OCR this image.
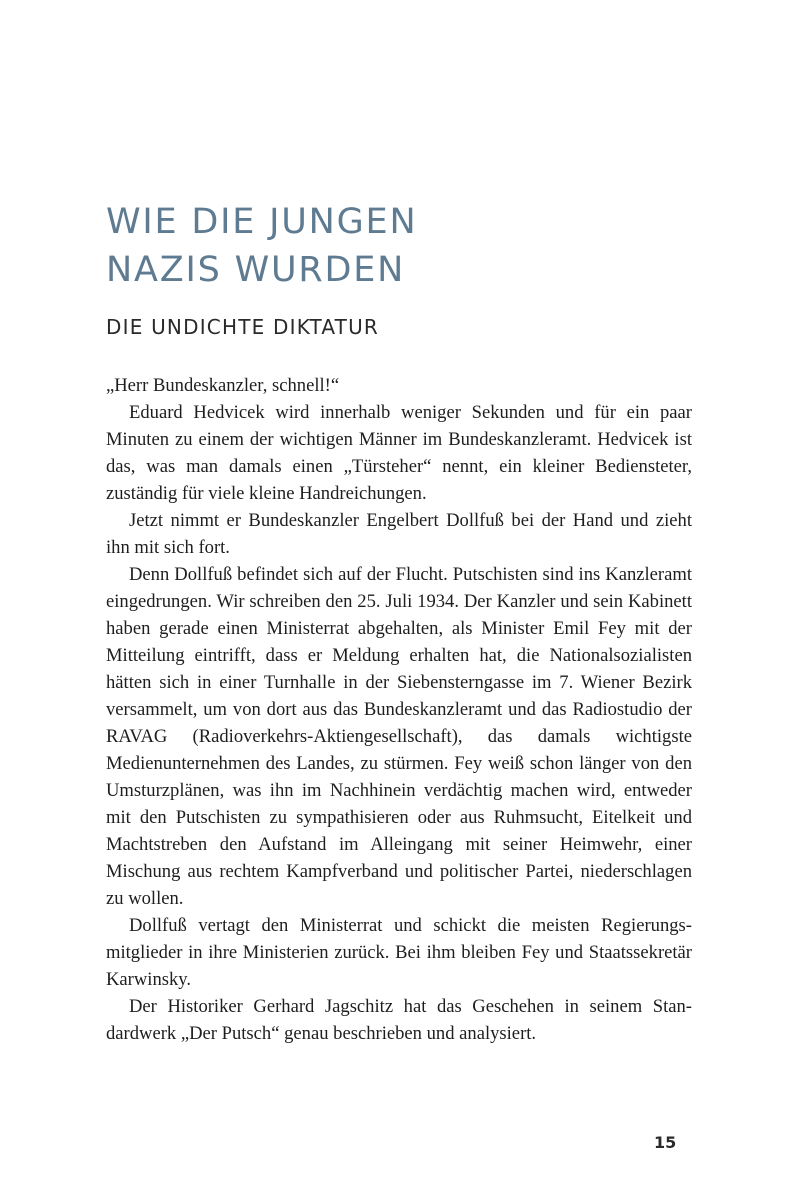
WIE DIE JUNGEN
NAZIS WURDEN
DIE UNDICHTE DIKTATUR

„Herr Bundeskanzler, schnell!“

Eduard Hedvicek wird innerhalb weniger Sekunden und für ein paar Minuten zu einem der wichtigen Männer im Bundeskanzleramt. Hedvicek ist das, was man damals einen „Türsteher“ nennt, ein kleiner Bediensteter, zuständig für viele kleine Handreichungen.

Jetzt nimmt er Bundeskanzler Engelbert Dollfuß bei der Hand und zieht ihn mit sich fort.

Denn Dollfuß befindet sich auf der Flucht. Putschisten sind ins Kanzleramt eingedrungen. Wir schreiben den 25. Juli 1934. Der Kanzler und sein Kabinett haben gerade einen Ministerrat abgehalten, als Minister Emil Fey mit der Mitteilung eintrifft, dass er Meldung erhalten hat, die Nationalsozialisten hätten sich in einer Turnhalle in der Siebensterngasse im 7. Wiener Bezirk versammelt, um von dort aus das Bundeskanzleramt und das Radiostudio der RAVAG (Radioverkehrs-Aktiengesellschaft), das damals wichtigste Medienunternehmen des Landes, zu stürmen. Fey weiß schon länger von den Umsturzplänen, was ihn im Nachhinein verdächtig machen wird, entweder mit den Putschisten zu sympathisieren oder aus Ruhmsucht, Eitelkeit und Machtstreben den Aufstand im Alleingang mit seiner Heimwehr, einer Mischung aus rechtem Kampfverband und politischer Partei, niederschlagen zu wollen.

Dollfuß vertagt den Ministerrat und schickt die meisten Regierungsmitglieder in ihre Ministerien zurück. Bei ihm bleiben Fey und Staatssekretär Karwinsky.

Der Historiker Gerhard Jagschitz hat das Geschehen in seinem Standardwerk „Der Putsch“ genau beschrieben und analysiert.

15
